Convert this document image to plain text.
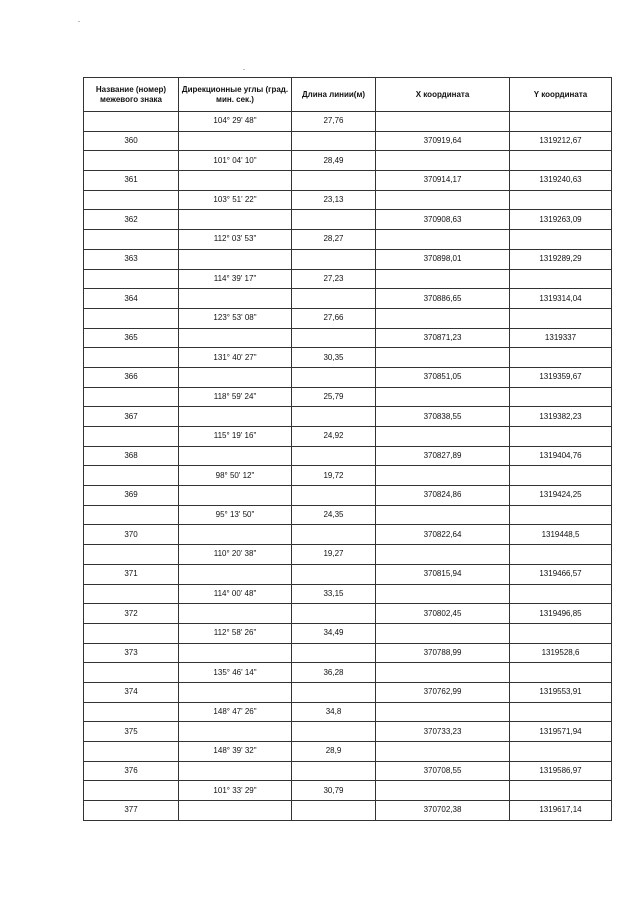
Название (номер) межевого знака	Дирекционные углы (град. мин. сек.)	Длина линии(м)	X координата	Y координата
	104° 29' 48"	27,76		
360			370919,64	1319212,67
	101° 04' 10"	28,49		
361			370914,17	1319240,63
	103° 51' 22"	23,13		
362			370908,63	1319263,09
	112° 03' 53"	28,27		
363			370898,01	1319289,29
	114° 39' 17"	27,23		
364			370886,65	1319314,04
	123° 53' 08"	27,66		
365			370871,23	1319337
	131° 40' 27"	30,35		
366			370851,05	1319359,67
	118° 59' 24"	25,79		
367			370838,55	1319382,23
	115° 19' 16"	24,92		
368			370827,89	1319404,76
	98° 50' 12"	19,72		
369			370824,86	1319424,25
	95° 13' 50"	24,35		
370			370822,64	1319448,5
	110° 20' 38"	19,27		
371			370815,94	1319466,57
	114° 00' 48"	33,15		
372			370802,45	1319496,85
	112° 58' 26"	34,49		
373			370788,99	1319528,6
	135° 46' 14"	36,28		
374			370762,99	1319553,91
	148° 47' 26"	34,8		
375			370733,23	1319571,94
	148° 39' 32"	28,9		
376			370708,55	1319586,97
	101° 33' 29"	30,79		
377			370702,38	1319617,14
